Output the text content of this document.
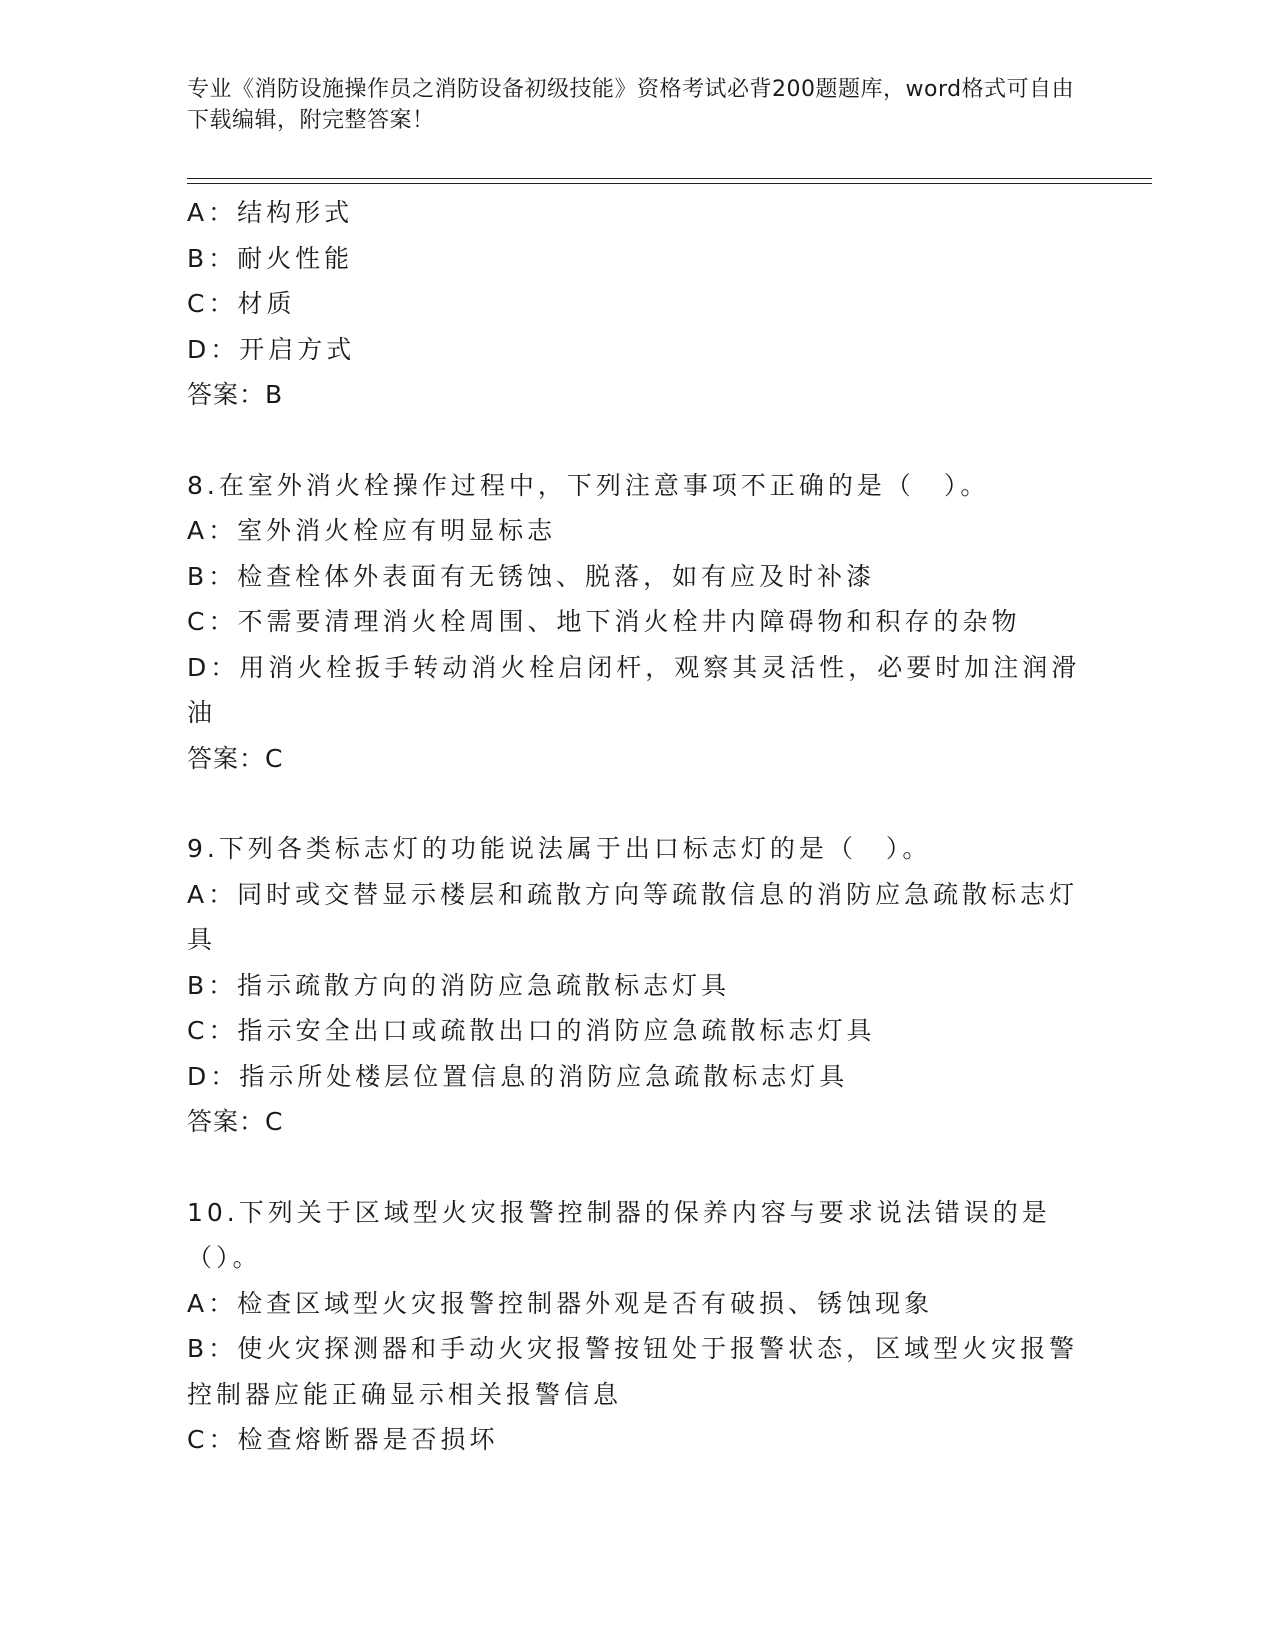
专业《消防设施操作员之消防设备初级技能》资格考试必背200题题库，word格式可自由下载编辑，附完整答案！

A：结构形式

B：耐火性能

C：材质

D：开启方式

答案：B

8.在室外消火栓操作过程中，下列注意事项不正确的是（　）。

A：室外消火栓应有明显标志

B：检查栓体外表面有无锈蚀、脱落，如有应及时补漆

C：不需要清理消火栓周围、地下消火栓井内障碍物和积存的杂物

D：用消火栓扳手转动消火栓启闭杆，观察其灵活性，必要时加注润滑油

答案：C

9.下列各类标志灯的功能说法属于出口标志灯的是（　）。

A：同时或交替显示楼层和疏散方向等疏散信息的消防应急疏散标志灯具

B：指示疏散方向的消防应急疏散标志灯具

C：指示安全出口或疏散出口的消防应急疏散标志灯具

D：指示所处楼层位置信息的消防应急疏散标志灯具

答案：C

10.下列关于区域型火灾报警控制器的保养内容与要求说法错误的是（）。

A：检查区域型火灾报警控制器外观是否有破损、锈蚀现象

B：使火灾探测器和手动火灾报警按钮处于报警状态，区域型火灾报警控制器应能正确显示相关报警信息

C：检查熔断器是否损坏
